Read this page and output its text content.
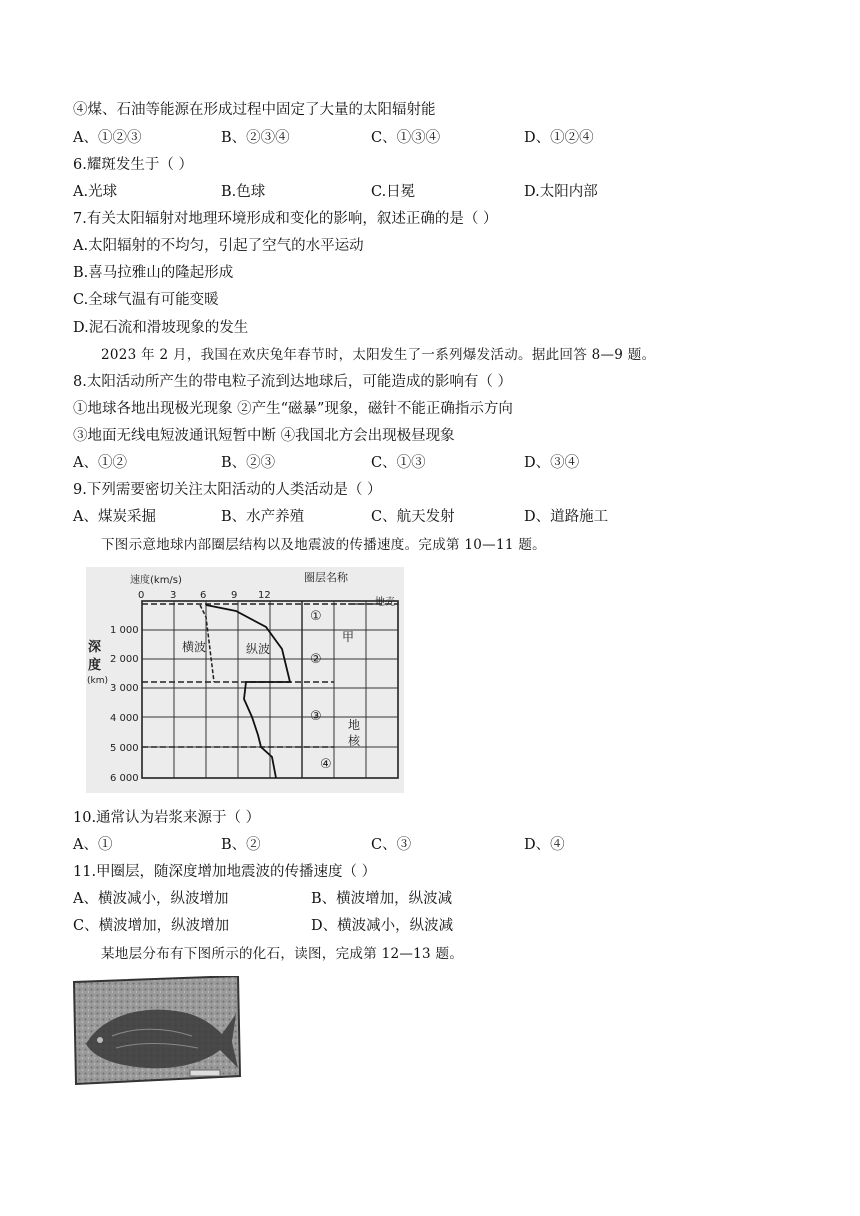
④煤、石油等能源在形成过程中固定了大量的太阳辐射能
A、①②③	B、②③④	C、①③④	D、①②④
6.耀斑发生于（ ）
A.光球	B.色球	C.日冕	D.太阳内部
7.有关太阳辐射对地理环境形成和变化的影响，叙述正确的是（ ）
A.太阳辐射的不均匀，引起了空气的水平运动
B.喜马拉雅山的隆起形成
C.全球气温有可能变暖
D.泥石流和滑坡现象的发生
2023 年 2 月，我国在欢庆兔年春节时，太阳发生了一系列爆发活动。据此回答 8—9 题。
8.太阳活动所产生的带电粒子流到达地球后，可能造成的影响有（ ）
①地球各地出现极光现象 ②产生“磁暴”现象，磁针不能正确指示方向
③地面无线电短波通讯短暂中断 ④我国北方会出现极昼现象
A、①②	B、②③	C、①③	D、③④
9.下列需要密切关注太阳活动的人类活动是（ ）
A、煤炭采掘	B、水产养殖	C、航天发射	D、道路施工
下图示意地球内部圈层结构以及地震波的传播速度。完成第 10—11 题。
速度(km/s)	圈层名称
0	3 6 9 12
地壳
深
度
(km)
1 000
2 000
3 000
4 000
5 000
6 000
横波	纵波
①
②
③
④
甲
地
核
10.通常认为岩浆来源于（ ）
A、①	B、②	C、③	D、④
11.甲圈层，随深度增加地震波的传播速度（ ）
A、横波减小，纵波增加	B、横波增加，纵波减
C、横波增加，纵波增加	D、横波减小，纵波减
某地层分布有下图所示的化石，读图，完成第 12—13 题。
